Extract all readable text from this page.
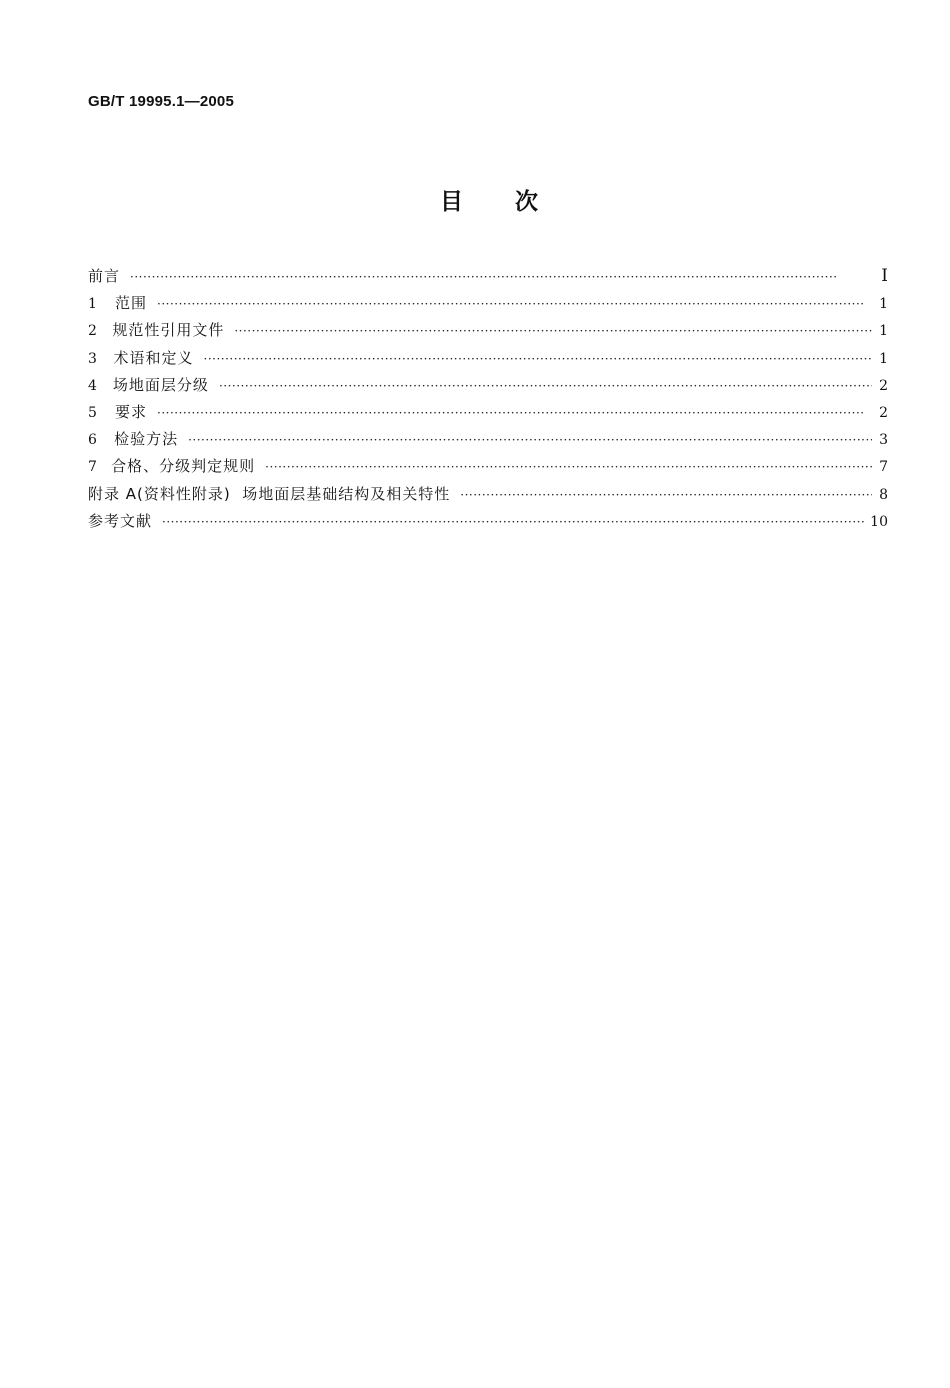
GB/T 19995.1—2005
目 次
前言 ·····	I
1	范围 ·····	1
2	规范性引用文件 ·····	1
3	术语和定义 ·····	1
4	场地面层分级 ·····	2
5	要求 ·····	2
6	检验方法 ·····	3
7 合格、分级判定规则 ·····	7
附录 A(资料性附录)  场地面层基础结构及相关特性 ·····	8
参考文献 ·····	10
